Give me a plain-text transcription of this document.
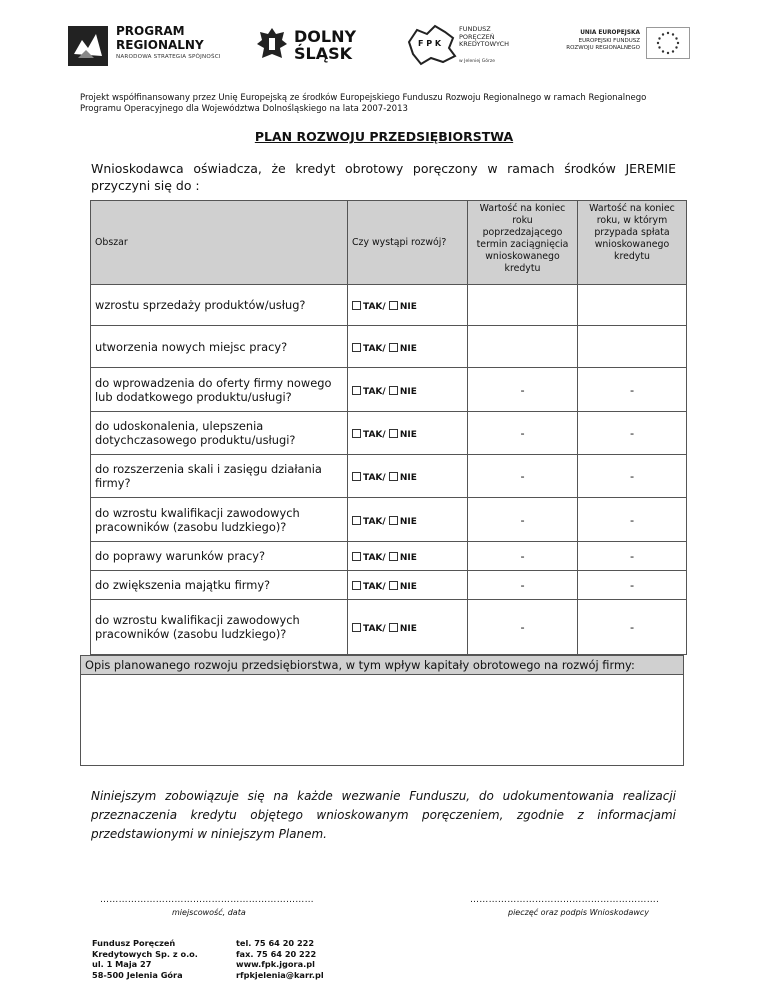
PROGRAM
REGIONALNY
NARODOWA STRATEGIA SPÓJNOŚCI
DOLNY
ŚLĄSK
F P K
FUNDUSZ
PORĘCZEŃ
KREDYTOWYCH
w Jeleniej Górze
UNIA EUROPEJSKA
EUROPEJSKI FUNDUSZ
ROZWOJU REGIONALNEGO
Projekt współfinansowany przez Unię Europejską ze środków Europejskiego Funduszu Rozwoju Regionalnego w ramach Regionalnego Programu Operacyjnego dla Województwa Dolnośląskiego na lata 2007-2013
PLAN ROZWOJU PRZEDSIĘBIORSTWA
Wnioskodawca oświadcza, że kredyt obrotowy poręczony w ramach środków JEREMIE przyczyni się do :
Obszar	Czy wystąpi rozwój?	Wartość na koniec roku poprzedzającego termin zaciągnięcia wnioskowanego kredytu	Wartość na koniec roku, w którym przypada spłata wnioskowanego kredytu
wzrostu sprzedaży produktów/usług?	TAK/ NIE		
utworzenia nowych miejsc pracy?	TAK/ NIE		
do wprowadzenia do oferty firmy nowego lub dodatkowego produktu/usługi?	TAK/ NIE	-	-
do udoskonalenia, ulepszenia dotychczasowego produktu/usługi?	TAK/ NIE	-	-
do rozszerzenia skali i zasięgu działania firmy?	TAK/ NIE	-	-
do wzrostu kwalifikacji zawodowych pracowników (zasobu ludzkiego)?	TAK/ NIE	-	-
do poprawy warunków pracy?	TAK/ NIE	-	-
do zwiększenia majątku firmy?	TAK/ NIE	-	-
do wzrostu kwalifikacji zawodowych pracowników (zasobu ludzkiego)?	TAK/ NIE	-	-
Opis planowanego rozwoju przedsiębiorstwa, w tym wpływ kapitały obrotowego na rozwój firmy:
Niniejszym zobowiązuje się na każde wezwanie Funduszu, do udokumentowania realizacji przeznaczenia kredytu objętego wnioskowanym poręczeniem, zgodnie z informacjami przedstawionymi w niniejszym Planem.
……………………………………………………………
miejscowość, data
…………………………………………………….
pieczęć oraz podpis Wnioskodawcy
Fundusz Poręczeń
Kredytowych Sp. z o.o.
ul. 1 Maja 27
58-500 Jelenia Góra
tel. 75 64 20 222
fax. 75 64 20 222
www.fpk.jgora.pl
rfpkjelenia@karr.pl
